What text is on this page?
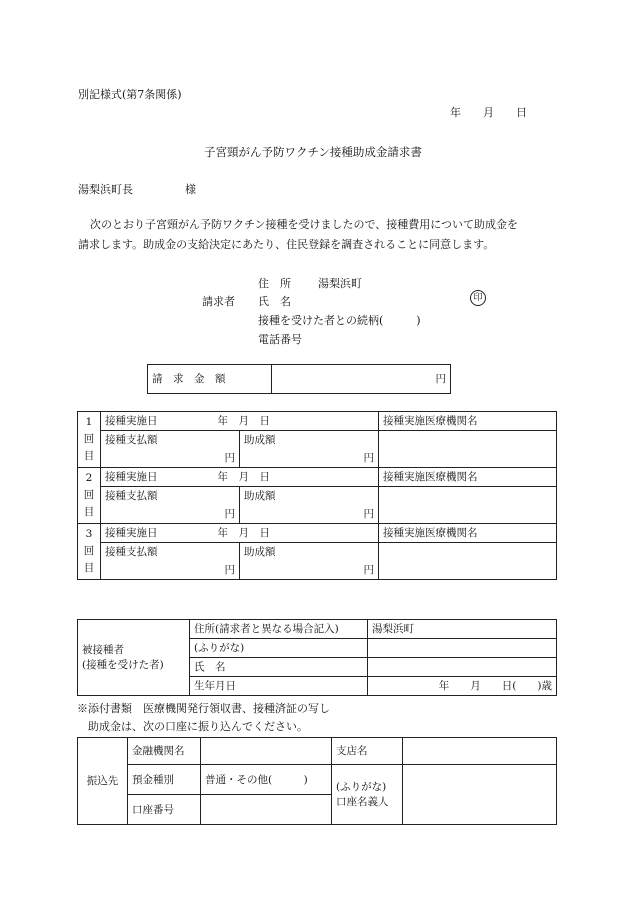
別記様式(第7条関係)
年　　月　　日
子宮頸がん予防ワクチン接種助成金請求書
湯梨浜町長	様
次のとおり子宮頸がん予防ワクチン接種を受けましたので、接種費用について助成金を
請求します。助成金の支給決定にあたり、住民登録を調査されることに同意します。
住　所 湯梨浜町
請求者 氏　名	印
接種を受けた者との続柄(　　　)
電話番号
請　求　金　額	円
1
回
目	接種実施日 年　月　日		接種実施医療機関名
	接種支払額	助成額	
	円	円	
2
回
目	接種実施日 年　月　日		接種実施医療機関名
	接種支払額	助成額	
	円	円	
3
回
目	接種実施日 年　月　日		接種実施医療機関名
	接種支払額	助成額	
	円	円	
被接種者
(接種を受けた者)	住所(請求者と異なる場合記入)	湯梨浜町
	(ふりがな)	
	氏　名	
	生年月日	年　　月　　日(　　)歳
※添付書類　医療機関発行領収書、接種済証の写し
助成金は、次の口座に振り込んでください。
振込先	金融機関名		支店名	
	預金種別	普通・その他(　　　)	(ふりがな)
口座名義人	
	口座番号			
